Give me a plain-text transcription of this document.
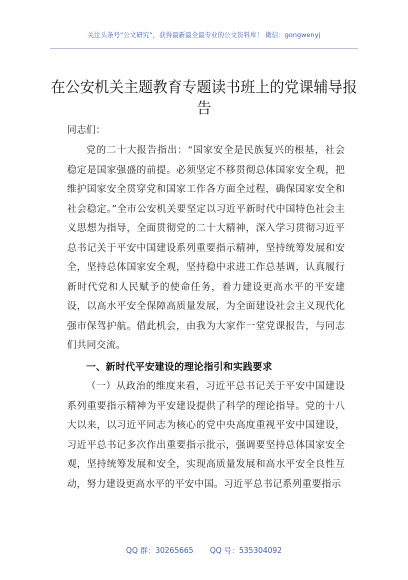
关注头条号“公文研究”，获得最新最全最专业的公文资料库！ 微信：gongwenyj
在公安机关主题教育专题读书班上的党课辅导报告

同志们：

党的二十大报告指出：“国家安全是民族复兴的根基，社会稳定是国家强盛的前提。必须坚定不移贯彻总体国家安全观，把维护国家安全贯穿党和国家工作各方面全过程，确保国家安全和社会稳定。”全市公安机关要坚定以习近平新时代中国特色社会主义思想为指导，全面贯彻党的二十大精神，深入学习贯彻习近平总书记关于平安中国建设系列重要指示精神，坚持统筹发展和安全，坚持总体国家安全观，坚持稳中求进工作总基调，认真履行新时代党和人民赋予的使命任务，着力建设更高水平的平安建设，以高水平安全保障高质量发展，为全面建设社会主义现代化强市保驾护航。借此机会，由我为大家作一堂党课报告，与同志们共同交流。

一、新时代平安建设的理论指引和实践要求

（一）从政治的维度来看，习近平总书记关于平安中国建设系列重要指示精神为平安建设提供了科学的理论指导。党的十八大以来，以习近平同志为核心的党中央高度重视平安中国建设，习近平总书记多次作出重要指示批示，强调要坚持总体国家安全观，坚持统筹发展和安全，实现高质量发展和高水平安全良性互动，努力建设更高水平的平安中国。习近平总书记系列重要指示

QQ 群：30265665 QQ 号：535304092
